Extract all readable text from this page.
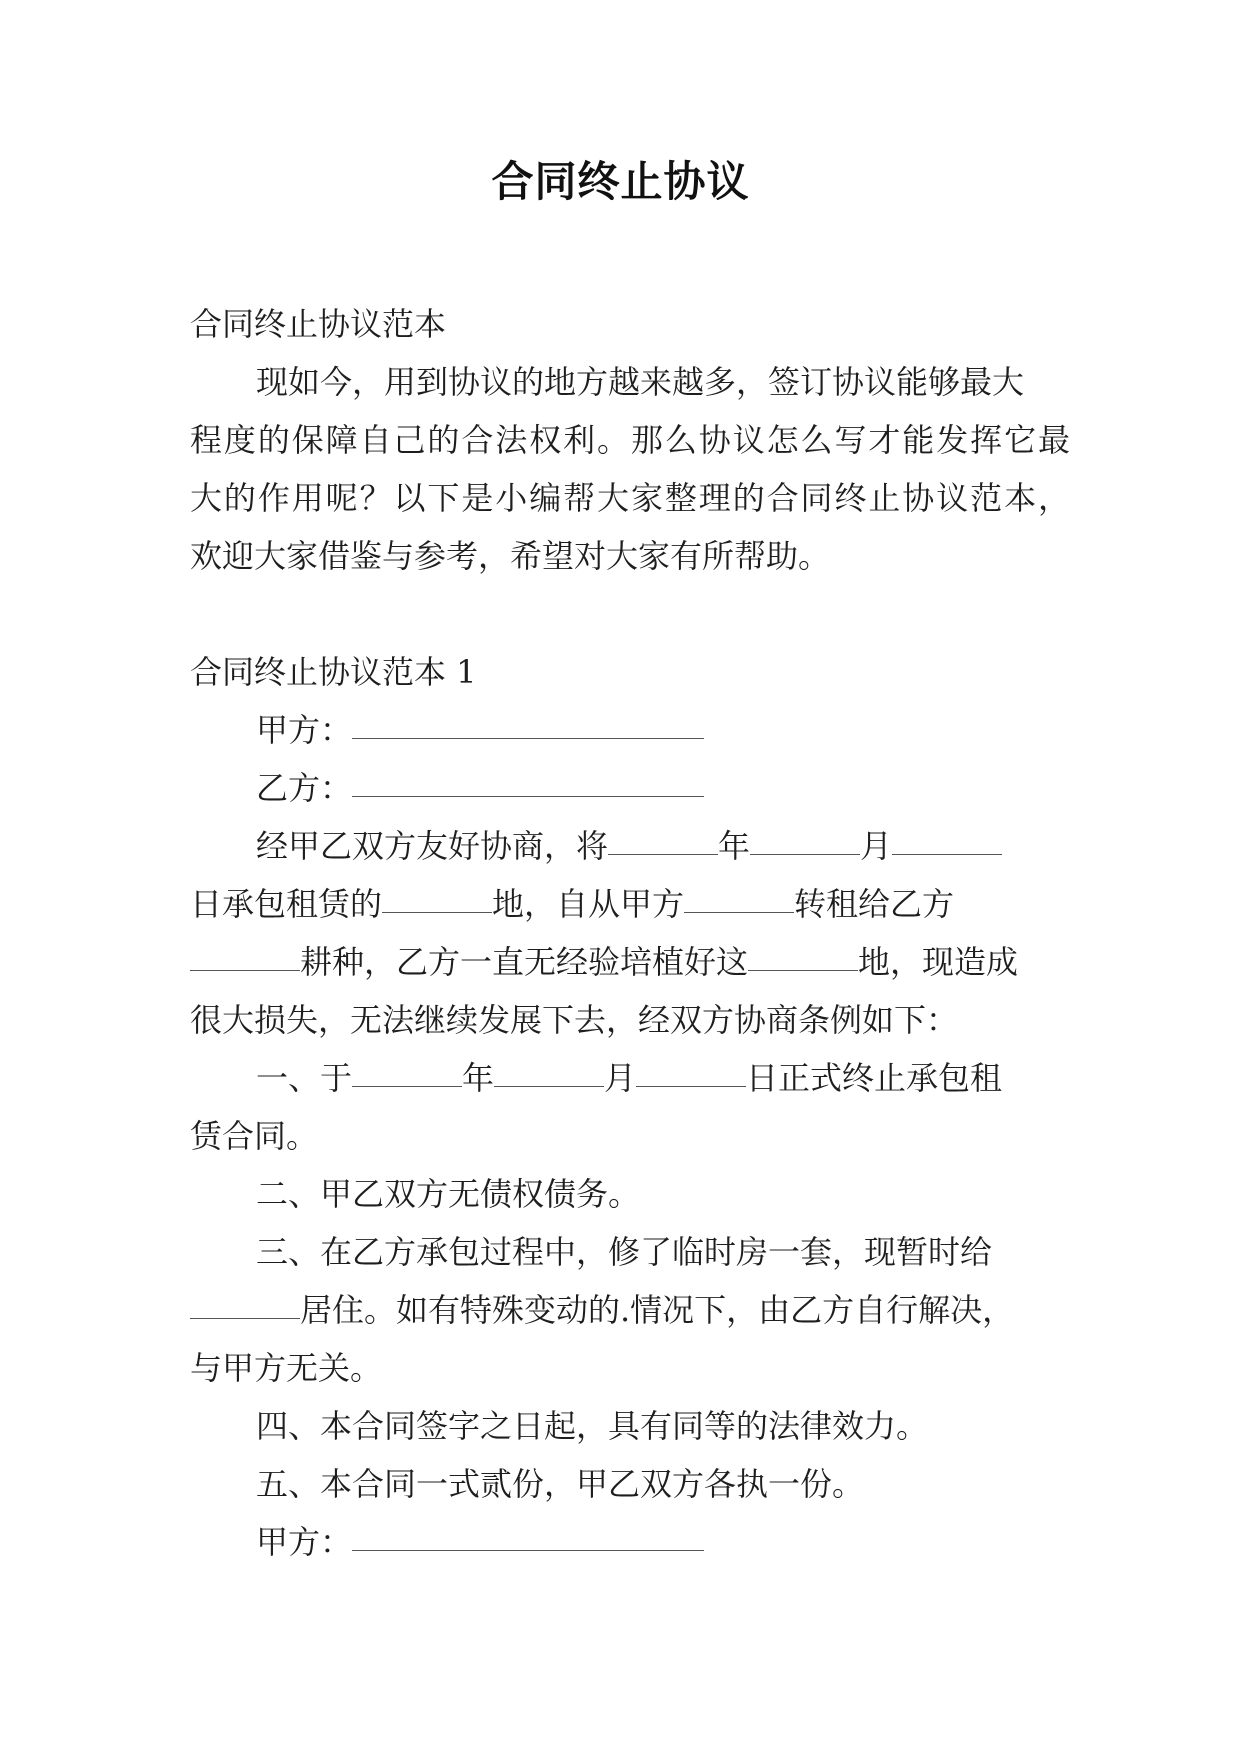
合同终止协议
合同终止协议范本
现如今，用到协议的地方越来越多，签订协议能够最大
程度的保障自己的合法权利。那么协议怎么写才能发挥它最
大的作用呢？以下是小编帮大家整理的合同终止协议范本，
欢迎大家借鉴与参考，希望对大家有所帮助。
合同终止协议范本 1
甲方：
乙方：
经甲乙双方友好协商，将	年	月
日承包租赁的	地，自从甲方	转租给乙方
耕种，乙方一直无经验培植好这	地，现造成
很大损失，无法继续发展下去，经双方协商条例如下：
一、于	年	月	日正式终止承包租
赁合同。
二、甲乙双方无债权债务。
三、在乙方承包过程中，修了临时房一套，现暂时给
居住。如有特殊变动的.情况下，由乙方自行解决，
与甲方无关。
四、本合同签字之日起，具有同等的法律效力。
五、本合同一式贰份，甲乙双方各执一份。
甲方：
